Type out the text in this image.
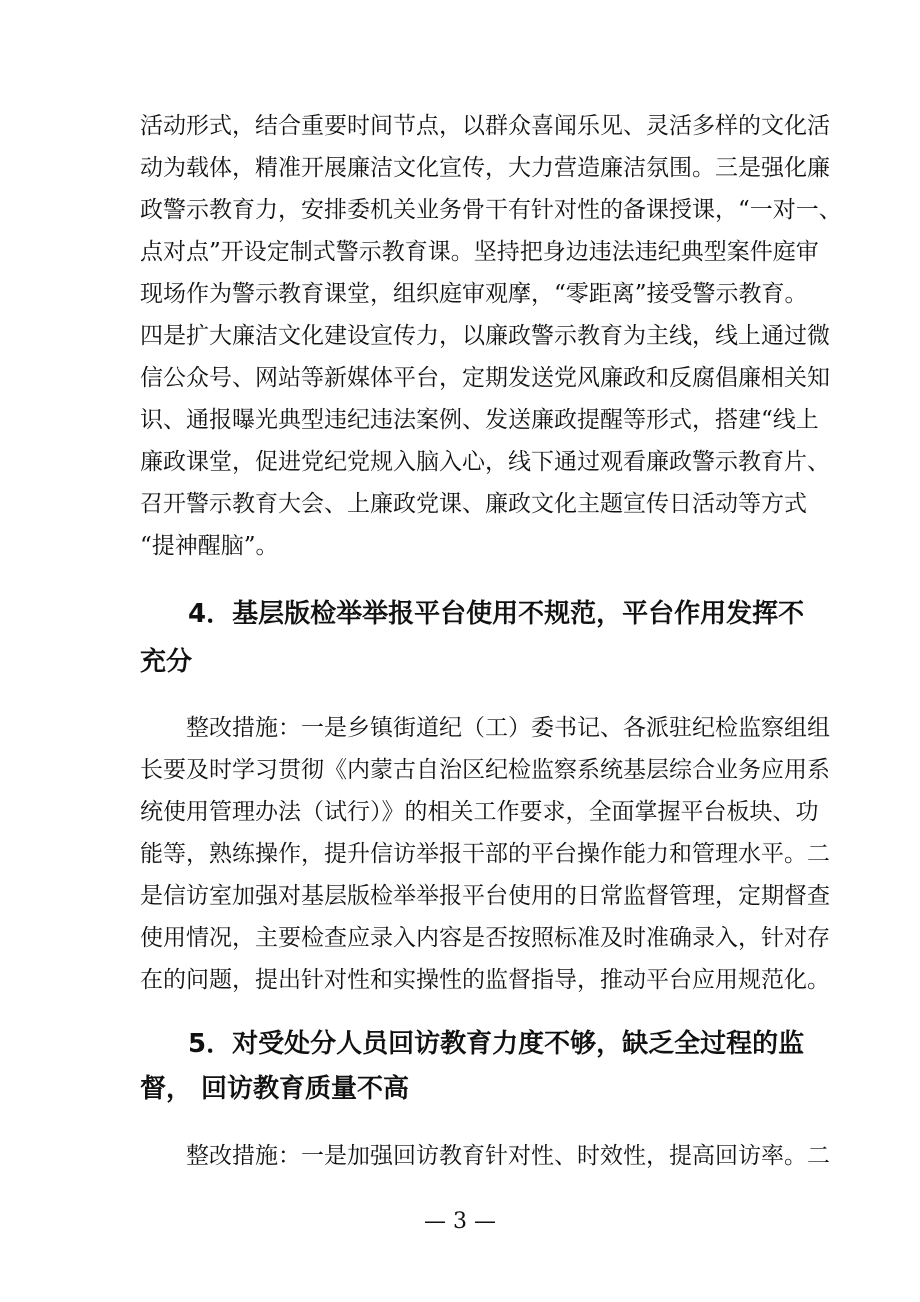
活动形式，结合重要时间节点，以群众喜闻乐见、灵活多样的文化活
动为载体，精准开展廉洁文化宣传，大力营造廉洁氛围。三是强化廉
政警示教育力，安排委机关业务骨干有针对性的备课授课，“一对一、
点对点”开设定制式警示教育课。坚持把身边违法违纪典型案件庭审
现场作为警示教育课堂，组织庭审观摩，“零距离”接受警示教育。
四是扩大廉洁文化建设宣传力，以廉政警示教育为主线，线上通过微
信公众号、网站等新媒体平台，定期发送党风廉政和反腐倡廉相关知
识、通报曝光典型违纪违法案例、发送廉政提醒等形式，搭建“线上
廉政课堂，促进党纪党规入脑入心，线下通过观看廉政警示教育片、
召开警示教育大会、上廉政党课、廉政文化主题宣传日活动等方式
“提神醒脑”。
4．基层版检举举报平台使用不规范，平台作用发挥不
充分
整改措施：一是乡镇街道纪（工）委书记、各派驻纪检监察组组
长要及时学习贯彻《内蒙古自治区纪检监察系统基层综合业务应用系
统使用管理办法（试行）》的相关工作要求，全面掌握平台板块、功
能等，熟练操作，提升信访举报干部的平台操作能力和管理水平。二
是信访室加强对基层版检举举报平台使用的日常监督管理，定期督查
使用情况，主要检查应录入内容是否按照标准及时准确录入，针对存
在的问题，提出针对性和实操性的监督指导，推动平台应用规范化。
5．对受处分人员回访教育力度不够，缺乏全过程的监
督， 回访教育质量不高
整改措施：一是加强回访教育针对性、时效性，提高回访率。二
— 3 —
